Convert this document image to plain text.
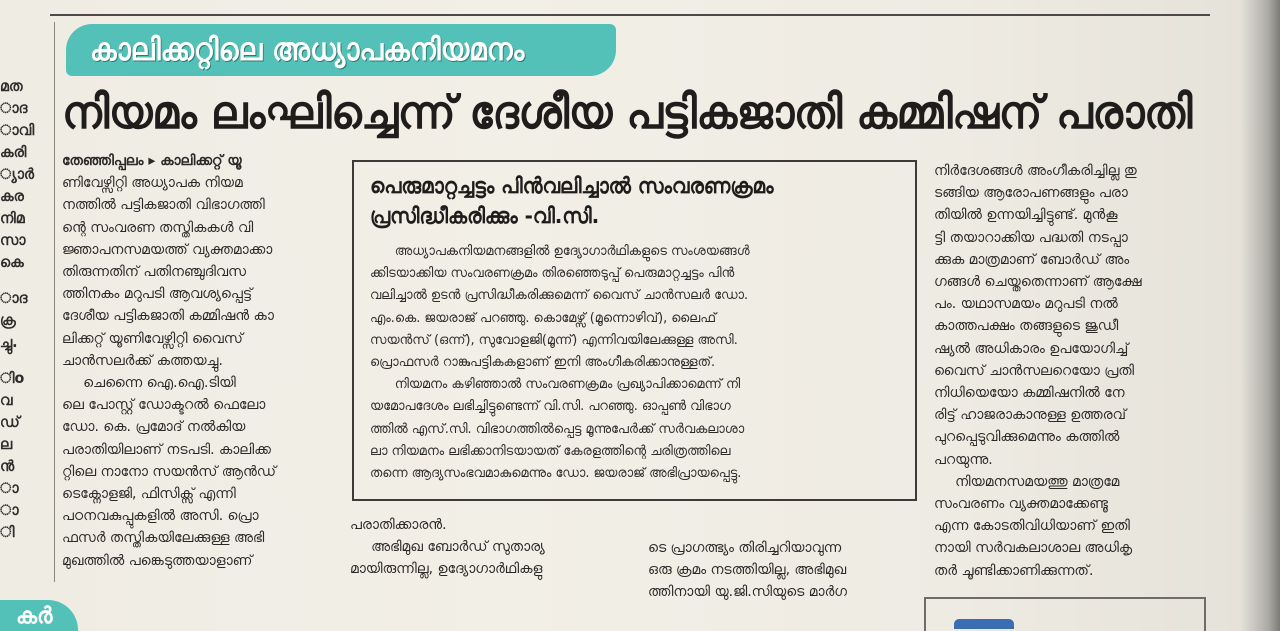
മത
ാദ
ാവി
കരി
്യാർ
കര
നിമ
സാ
കെ
ാദ
ക്ര
ച്ചു.
ിo
വ
ഡ്
ല
ൻ
ാ
ാ
ി
കാലിക്കറ്റിലെ അധ്യാപകനിയമനം
നിയമം ലംഘിച്ചെന്ന് ദേശീയ പട്ടികജാതി കമ്മിഷന് പരാതി
തേഞ്ഞിപ്പലം ▸ കാലിക്കറ്റ് യൂ
ണിവേഴ്സിറ്റി അധ്യാപക നിയമ
നത്തിൽ പട്ടികജാതി വിഭാഗത്തി
ന്റെ സംവരണ തസ്തികകൾ വി
ജ്ഞാപനസമയത്ത് വ്യക്തമാക്കാ
തിരുന്നതിന് പതിനഞ്ചുദിവസ
ത്തിനകം മറുപടി ആവശ്യപ്പെട്ട്
ദേശീയ പട്ടികജാതി കമ്മിഷൻ കാ
ലിക്കറ്റ് യൂണിവേഴ്സിറ്റി വൈസ്
ചാൻസലർക്ക് കത്തയച്ചു.
ചെന്നൈ ഐ.ഐ.ടിയി
ലെ പോസ്റ്റ് ഡോക്ടറൽ ഫെലോ
ഡോ. കെ. പ്രമോദ് നൽകിയ
പരാതിയിലാണ് നടപടി. കാലിക്ക
റ്റിലെ നാനോ സയൻസ് ആൻഡ്
ടെക്നോളജി, ഫിസിക്സ് എന്നി
പഠനവകുപ്പുകളിൽ അസി. പ്രൊ
ഫസർ തസ്തികയിലേക്കുള്ള അഭി
മുഖത്തിൽ പങ്കെടുത്തയാളാണ്
പെരുമാറ്റച്ചട്ടം പിൻവലിച്ചാൽ സംവരണക്രമം
പ്രസിദ്ധീകരിക്കും -വി.സി.
അധ്യാപകനിയമനങ്ങളിൽ ഉദ്യോഗാർഥികളുടെ സംശയങ്ങൾ
ക്കിടയാക്കിയ സംവരണക്രമം തിരഞ്ഞെടുപ്പ് പെരുമാറ്റച്ചട്ടം പിൻ
വലിച്ചാൽ ഉടൻ പ്രസിദ്ധീകരിക്കുമെന്ന് വൈസ് ചാൻസലർ ഡോ.
എം.കെ. ജയരാജ് പറഞ്ഞു. കൊമേഴ്സ് (മൂന്നൊഴിവ്), ലൈഫ്
സയൻസ് (ഒന്ന്), സുവോളജി(മൂന്ന്) എന്നിവയിലേക്കുള്ള അസി.
പ്രൊഫസർ റാങ്കുപട്ടികകളാണ് ഇനി അംഗീകരിക്കാനുള്ളത്.
നിയമനം കഴിഞ്ഞാൽ സംവരണക്രമം പ്രഖ്യാപിക്കാമെന്ന് നി
യമോപദേശം ലഭിച്ചിട്ടുണ്ടെന്ന് വി.സി. പറഞ്ഞു. ഓപ്പൺ വിഭാഗ
ത്തിൽ എസ്.സി. വിഭാഗത്തിൽപ്പെട്ട മൂന്നുപേർക്ക് സർവകലാശാ
ലാ നിയമനം ലഭിക്കാനിടയായത് കേരളത്തിന്റെ ചരിത്രത്തിലെ
തന്നെ ആദ്യസംഭവമാകുമെന്നും ഡോ. ജയരാജ് അഭിപ്രായപ്പെട്ടു.
പരാതിക്കാരൻ.
അഭിമുഖ ബോർഡ് സുതാര്യ
മായിരുന്നില്ല, ഉദ്യോഗാർഥികളു
ടെ പ്രാഗത്ഭ്യം തിരിച്ചറിയാവുന്ന
ഒരു ക്രമം നടത്തിയില്ല, അഭിമുഖ
ത്തിനായി യു.ജി.സിയുടെ മാർഗ
നിർദേശങ്ങൾ അംഗീകരിച്ചില്ല തു
ടങ്ങിയ ആരോപണങ്ങളും പരാ
തിയിൽ ഉന്നയിച്ചിട്ടുണ്ട്. മുൻകൂ
ട്ടി തയാറാക്കിയ പദ്ധതി നടപ്പാ
ക്കുക മാത്രമാണ് ബോർഡ് അം
ഗങ്ങൾ ചെയ്തതെന്നാണ് ആക്ഷേ
പം. യഥാസമയം മറുപടി നൽ
കാത്തപക്ഷം തങ്ങളുടെ ജുഡീ
ഷ്യൽ അധികാരം ഉപയോഗിച്ച്
വൈസ് ചാൻസലറെയോ പ്രതി
നിധിയെയോ കമ്മിഷനിൽ നേ
രിട്ട് ഹാജരാകാനുള്ള ഉത്തരവ്
പുറപ്പെടുവിക്കുമെന്നും കത്തിൽ
പറയുന്നു.
നിയമനസമയത്തു മാത്രമേ
സംവരണം വ്യക്തമാക്കേണ്ടൂ
എന്ന കോടതിവിധിയാണ് ഇതി
നായി സർവകലാശാല അധികൃ
തർ ചൂണ്ടിക്കാണിക്കുന്നത്.
കർ
